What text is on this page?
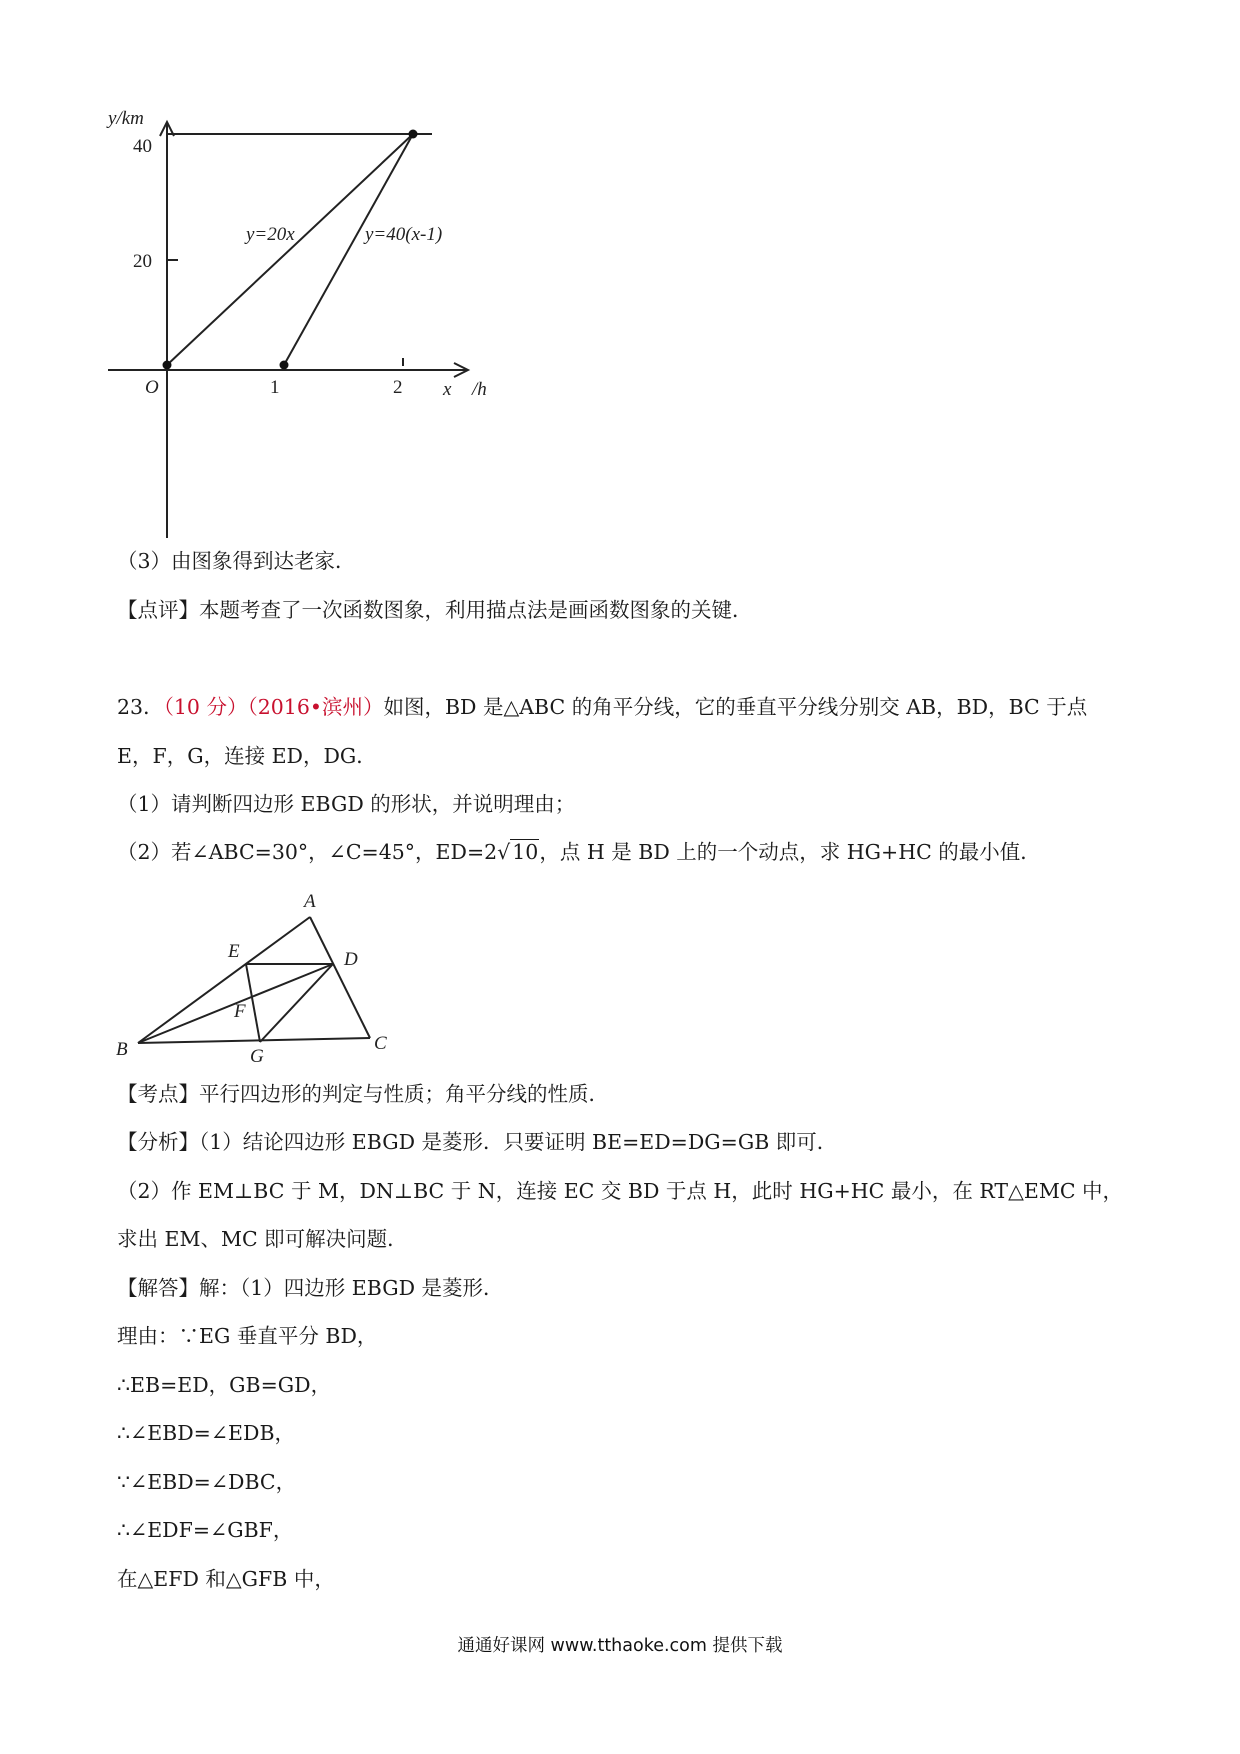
y/km
40
20
O	1	2 x /h
y=20x	y=40(x-1)

（3）由图象得到达老家．

【点评】本题考查了一次函数图象，利用描点法是画函数图象的关键．

23．（10 分）（2016•滨州）如图，BD 是△ABC 的角平分线，它的垂直平分线分别交 AB，BD，BC 于点

E，F，G，连接 ED，DG．

（1）请判断四边形 EBGD 的形状，并说明理由；

（2）若∠ABC=30°，∠C=45°，ED=2√10，点 H 是 BD 上的一个动点，求 HG+HC 的最小值．

A
E	D
F
B	G
C

【考点】平行四边形的判定与性质；角平分线的性质．

【分析】（1）结论四边形 EBGD 是菱形．只要证明 BE=ED=DG=GB 即可．

（2）作 EM⊥BC 于 M，DN⊥BC 于 N，连接 EC 交 BD 于点 H，此时 HG+HC 最小，在 RT△EMC 中，

求出 EM、MC 即可解决问题．

【解答】解：（1）四边形 EBGD 是菱形．

理由：∵EG 垂直平分 BD，

∴EB=ED，GB=GD，

∴∠EBD=∠EDB，

∵∠EBD=∠DBC，

∴∠EDF=∠GBF，

在△EFD 和△GFB 中，

通通好课网 www.tthaoke.com 提供下载
